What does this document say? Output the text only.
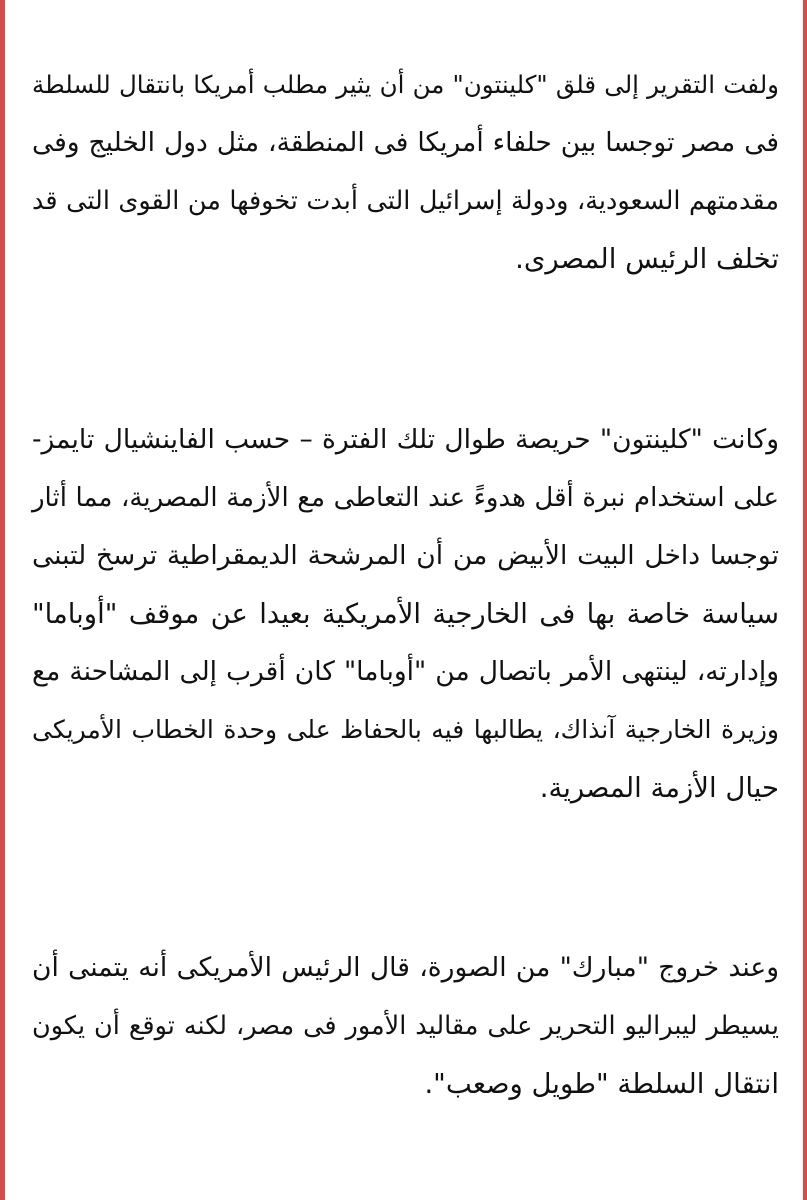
ولفت التقرير إلى قلق "كلينتون" من أن يثير مطلب أمريكا بانتقال للسلطة
فى مصر توجسا بين حلفاء أمريكا فى المنطقة، مثل دول الخليج وفى
مقدمتهم السعودية، ودولة إسرائيل التى أبدت تخوفها من القوى التى قد
تخلف الرئيس المصرى.
وكانت "كلينتون" حريصة طوال تلك الفترة – حسب الفاينشيال تايمز-
على استخدام نبرة أقل هدوءً عند التعاطى مع الأزمة المصرية، مما أثار
توجسا داخل البيت الأبيض من أن المرشحة الديمقراطية ترسخ لتبنى
سياسة خاصة بها فى الخارجية الأمريكية بعيدا عن موقف "أوباما"
وإدارته، لينتهى الأمر باتصال من "أوباما" كان أقرب إلى المشاحنة مع
وزيرة الخارجية آنذاك، يطالبها فيه بالحفاظ على وحدة الخطاب الأمريكى
حيال الأزمة المصرية.
وعند خروج "مبارك" من الصورة، قال الرئيس الأمريكى أنه يتمنى أن
يسيطر ليبراليو التحرير على مقاليد الأمور فى مصر، لكنه توقع أن يكون
انتقال السلطة "طويل وصعب".
